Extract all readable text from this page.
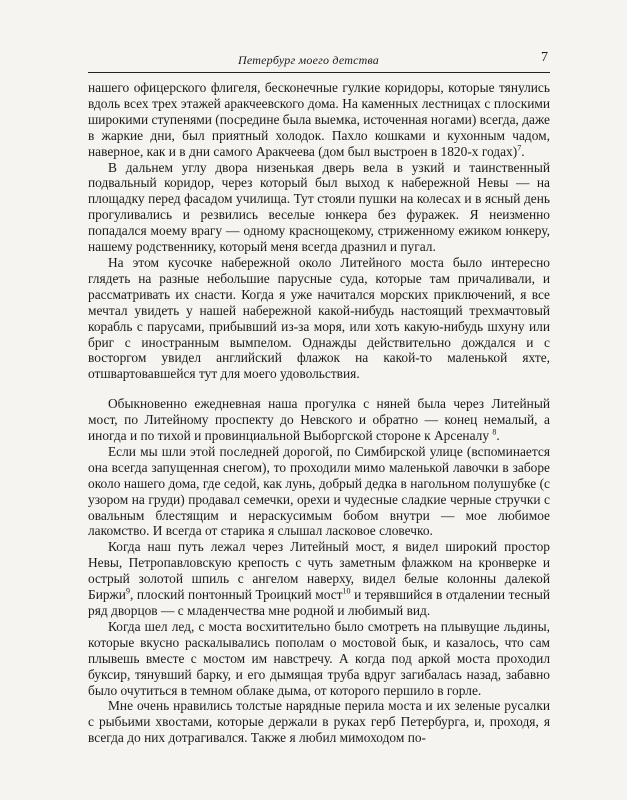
Петербург моего детства	7

нашего офицерского флигеля, бесконечные гулкие коридоры, которые тянулись вдоль всех трех этажей аракчеевского дома. На каменных лестницах с плоскими широкими ступенями (посредине была выемка, источенная ногами) всегда, даже в жаркие дни, был приятный холодок. Пахло кошками и кухонным чадом, наверное, как и в дни самого Аракчеева (дом был выстроен в 1820-х годах)$^7$.

В дальнем углу двора низенькая дверь вела в узкий и таинственный подвальный коридор, через который был выход к набережной Невы — на площадку перед фасадом училища. Тут стояли пушки на колесах и в ясный день прогуливались и резвились веселые юнкера без фуражек. Я неизменно попадался моему врагу — одному краснощекому, стриженному ежиком юнкеру, нашему родственнику, который меня всегда дразнил и пугал.

На этом кусочке набережной около Литейного моста было интересно глядеть на разные небольшие парусные суда, которые там причаливали, и рассматривать их снасти. Когда я уже начитался морских приключений, я все мечтал увидеть у нашей набережной какой-нибудь настоящий трехмачтовый корабль с парусами, прибывший из-за моря, или хоть какую-нибудь шхуну или бриг с иностранным вымпелом. Однажды действительно дождался и с восторгом увидел английский флажок на какой-то маленькой яхте, отшвартовавшейся тут для моего удовольствия.

Обыкновенно ежедневная наша прогулка с няней была через Литейный мост, по Литейному проспекту до Невского и обратно — конец немалый, а иногда и по тихой и провинциальной Выборгской стороне к Арсеналу $^8$.

Если мы шли этой последней дорогой, по Симбирской улице (вспоминается она всегда запущенная снегом), то проходили мимо маленькой лавочки в заборе около нашего дома, где седой, как лунь, добрый дедка в нагольном полушубке (с узором на груди) продавал семечки, орехи и чудесные сладкие черные стручки с овальным блестящим и нераскусимым бобом внутри — мое любимое лакомство. И всегда от старика я слышал ласковое словечко.

Когда наш путь лежал через Литейный мост, я видел широкий простор Невы, Петропавловскую крепость с чуть заметным флажком на кронверке и острый золотой шпиль с ангелом наверху, видел белые колонны далекой Биржи$^9$, плоский понтонный Троицкий мост$^{10}$ и терявшийся в отдалении тесный ряд дворцов — с младенчества мне родной и любимый вид.

Когда шел лед, с моста восхитительно было смотреть на плывущие льдины, которые вкусно раскалывались пополам о мостовой бык, и казалось, что сам плывешь вместе с мостом им навстречу. А когда под аркой моста проходил буксир, тянувший барку, и его дымящая труба вдруг загибалась назад, забавно было очутиться в темном облаке дыма, от которого першило в горле.

Мне очень нравились толстые нарядные перила моста и их зеленые русалки с рыбьими хвостами, которые держали в руках герб Петербурга, и, проходя, я всегда до них дотрагивался. Также я любил мимоходом по-
